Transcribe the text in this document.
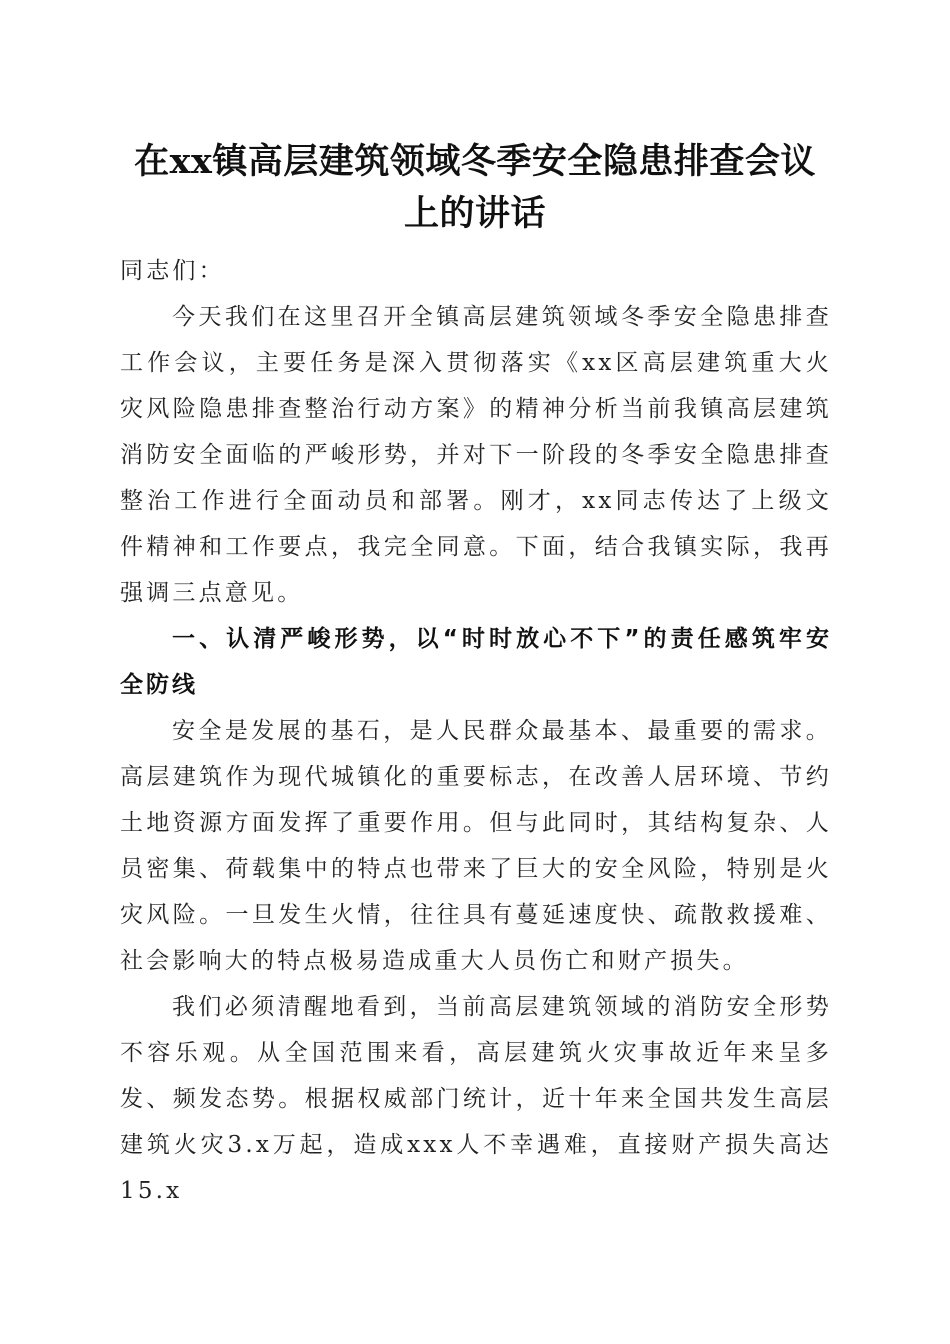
在xx镇高层建筑领域冬季安全隐患排查会议
上的讲话

同志们：

今天我们在这里召开全镇高层建筑领域冬季安全隐患排查工作会议，主要任务是深入贯彻落实《xx区高层建筑重大火灾风险隐患排查整治行动方案》的精神分析当前我镇高层建筑消防安全面临的严峻形势，并对下一阶段的冬季安全隐患排查整治工作进行全面动员和部署。刚才，xx同志传达了上级文件精神和工作要点，我完全同意。下面，结合我镇实际，我再强调三点意见。

一、认清严峻形势，以“时时放心不下”的责任感筑牢安全防线

安全是发展的基石，是人民群众最基本、最重要的需求。高层建筑作为现代城镇化的重要标志，在改善人居环境、节约土地资源方面发挥了重要作用。但与此同时，其结构复杂、人员密集、荷载集中的特点也带来了巨大的安全风险，特别是火灾风险。一旦发生火情，往往具有蔓延速度快、疏散救援难、社会影响大的特点极易造成重大人员伤亡和财产损失。

我们必须清醒地看到，当前高层建筑领域的消防安全形势不容乐观。从全国范围来看，高层建筑火灾事故近年来呈多发、频发态势。根据权威部门统计，近十年来全国共发生高层建筑火灾3.x万起，造成xxx人不幸遇难，直接财产损失高达15.x
